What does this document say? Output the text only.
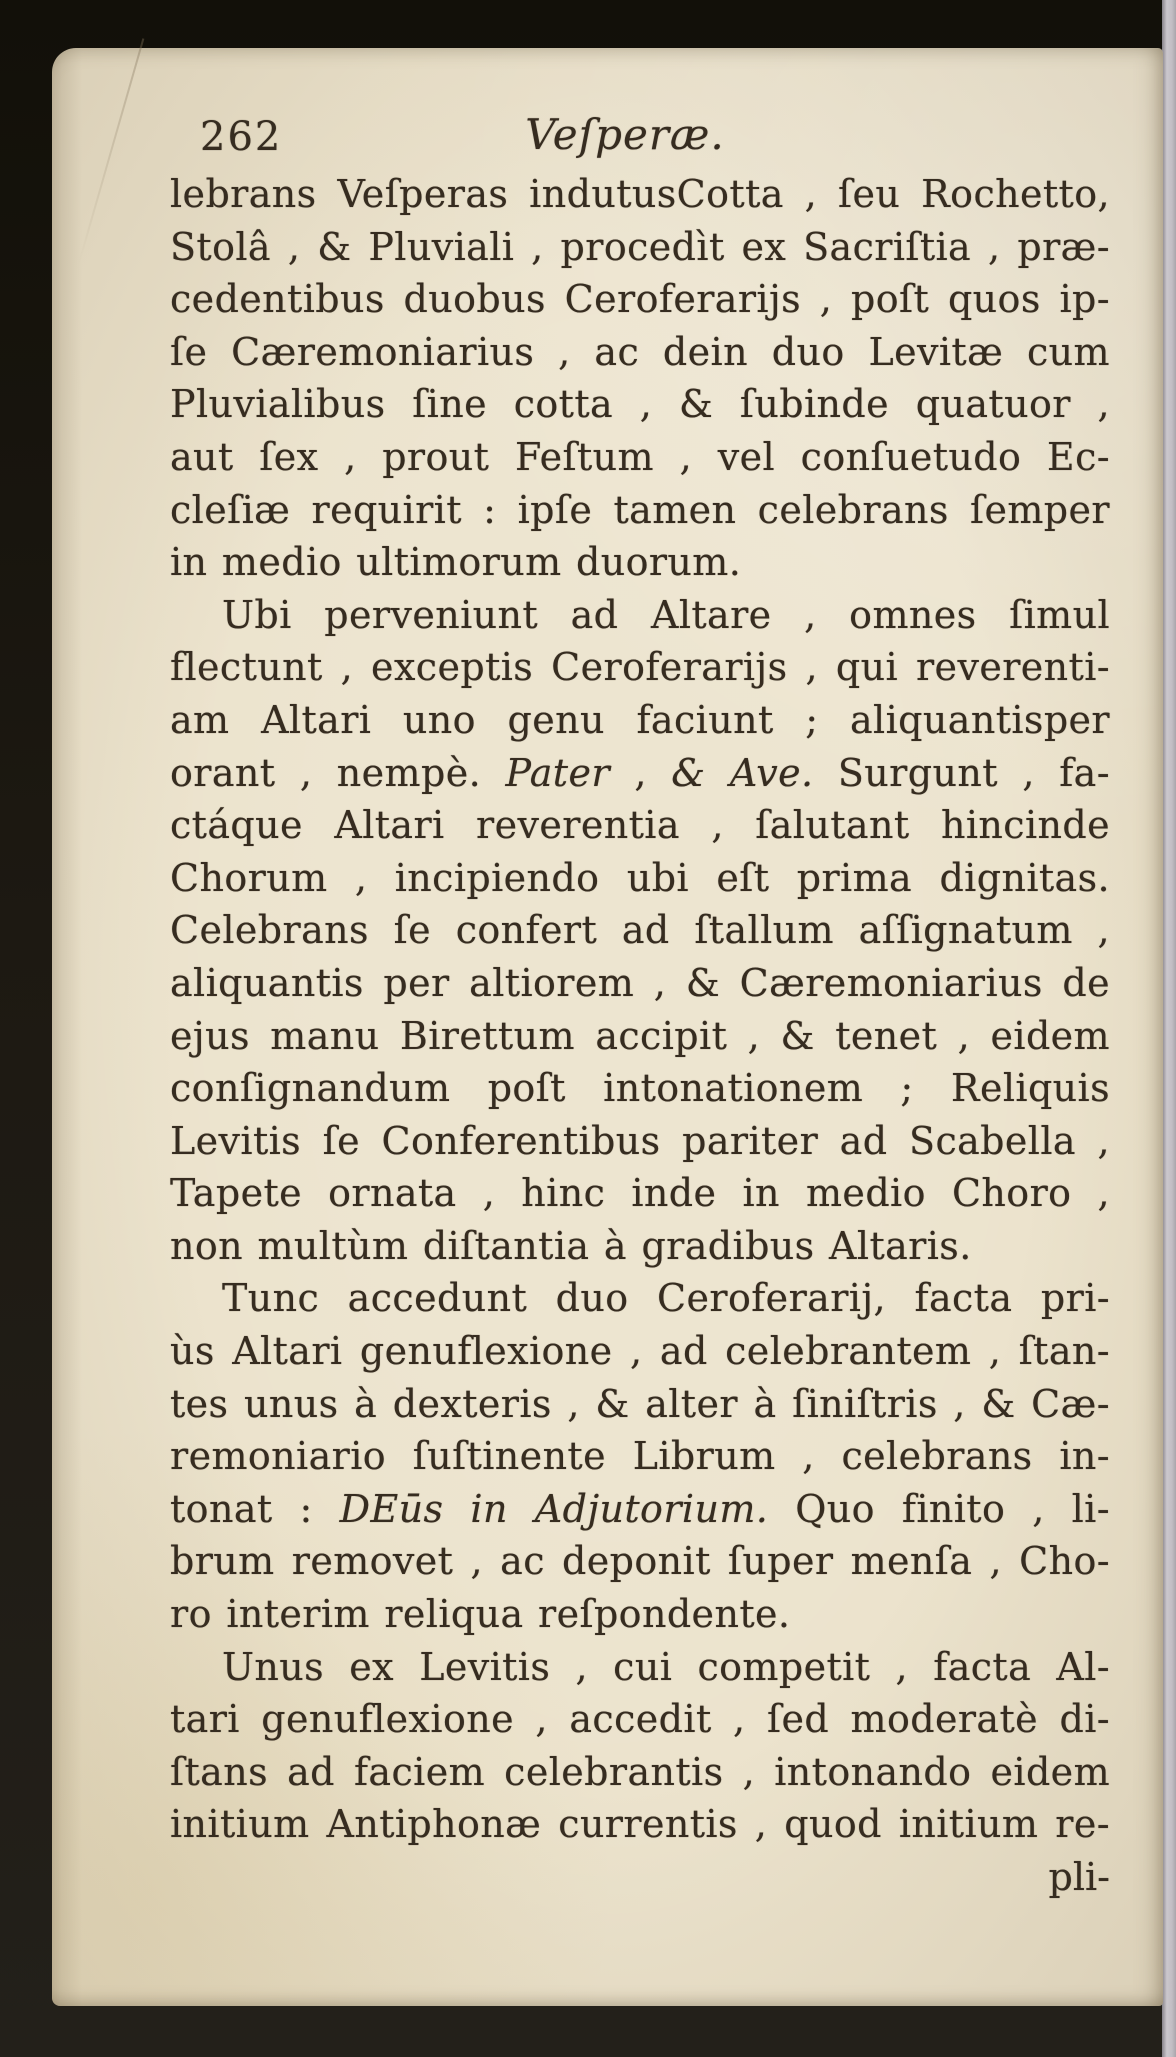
262	Veſperæ.
lebrans Veſperas indutusCotta , ſeu Rochetto,
Stolâ , & Pluviali , procedìt ex Sacriſtia , præ-
cedentibus duobus Ceroferarijs , poſt quos ip-
ſe Cæremoniarius , ac dein duo Levitæ cum
Pluvialibus ſine cotta , & ſubinde quatuor ,
aut ſex , prout Feſtum , vel conſuetudo Ec-
cleſiæ requirit : ipſe tamen celebrans ſemper
in medio ultimorum duorum.
Ubi perveniunt ad Altare , omnes ſimul
flectunt , exceptis Ceroferarijs , qui reverenti-
am Altari uno genu faciunt ; aliquantisper
orant , nempè. Pater , & Ave. Surgunt , fa-
ctáque Altari reverentia , ſalutant hincinde
Chorum , incipiendo ubi eſt prima dignitas.
Celebrans ſe confert ad ſtallum aſſignatum ,
aliquantis per altiorem , & Cæremoniarius de
ejus manu Birettum accipit , & tenet , eidem
conſignandum poſt intonationem ; Reliquis
Levitis ſe Conferentibus pariter ad Scabella ,
Tapete ornata , hinc inde in medio Choro ,
non multùm diſtantia à gradibus Altaris.
Tunc accedunt duo Ceroferarij, facta pri-
ùs Altari genuflexione , ad celebrantem , ſtan-
tes unus à dexteris , & alter à ſiniſtris , & Cæ-
remoniario ſuſtinente Librum , celebrans in-
tonat : DEūs in Adjutorium. Quo finito , li-
brum removet , ac deponit ſuper menſa , Cho-
ro interim reliqua reſpondente.
Unus ex Levitis , cui competit , facta Al-
tari genuflexione , accedit , ſed moderatè di-
ſtans ad faciem celebrantis , intonando eidem
initium Antiphonæ currentis , quod initium re-
pli-
